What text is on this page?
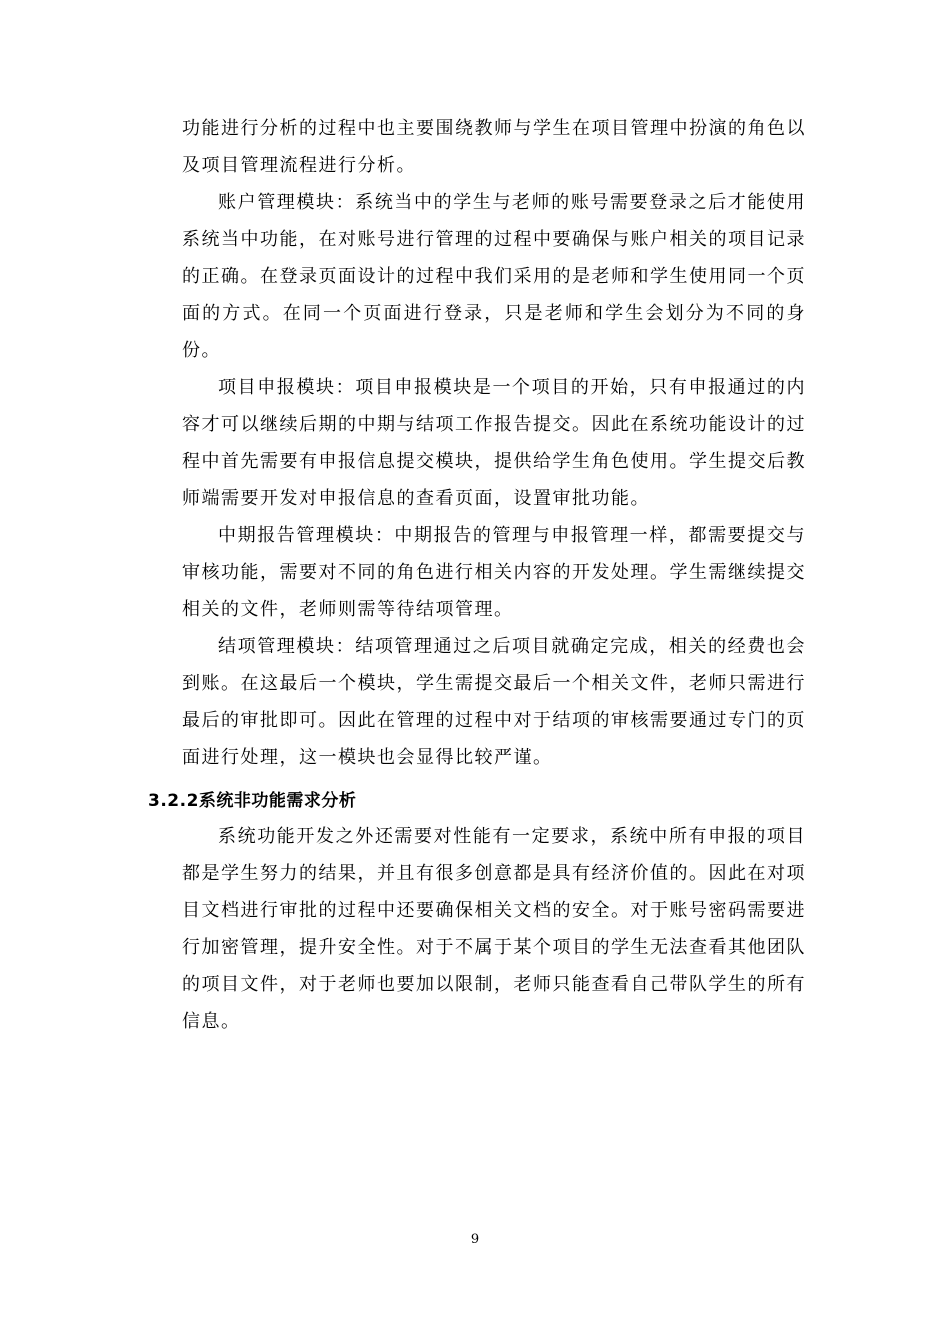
功能进行分析的过程中也主要围绕教师与学生在项目管理中扮演的角色以及项目管理流程进行分析。

账户管理模块：系统当中的学生与老师的账号需要登录之后才能使用系统当中功能，在对账号进行管理的过程中要确保与账户相关的项目记录的正确。在登录页面设计的过程中我们采用的是老师和学生使用同一个页面的方式。在同一个页面进行登录，只是老师和学生会划分为不同的身份。

项目申报模块：项目申报模块是一个项目的开始，只有申报通过的内容才可以继续后期的中期与结项工作报告提交。因此在系统功能设计的过程中首先需要有申报信息提交模块，提供给学生角色使用。学生提交后教师端需要开发对申报信息的查看页面，设置审批功能。

中期报告管理模块：中期报告的管理与申报管理一样，都需要提交与审核功能，需要对不同的角色进行相关内容的开发处理。学生需继续提交相关的文件，老师则需等待结项管理。

结项管理模块：结项管理通过之后项目就确定完成，相关的经费也会到账。在这最后一个模块，学生需提交最后一个相关文件，老师只需进行最后的审批即可。因此在管理的过程中对于结项的审核需要通过专门的页面进行处理，这一模块也会显得比较严谨。

3.2.2系统非功能需求分析

系统功能开发之外还需要对性能有一定要求，系统中所有申报的项目都是学生努力的结果，并且有很多创意都是具有经济价值的。因此在对项目文档进行审批的过程中还要确保相关文档的安全。对于账号密码需要进行加密管理，提升安全性。对于不属于某个项目的学生无法查看其他团队的项目文件，对于老师也要加以限制，老师只能查看自己带队学生的所有信息。

9
